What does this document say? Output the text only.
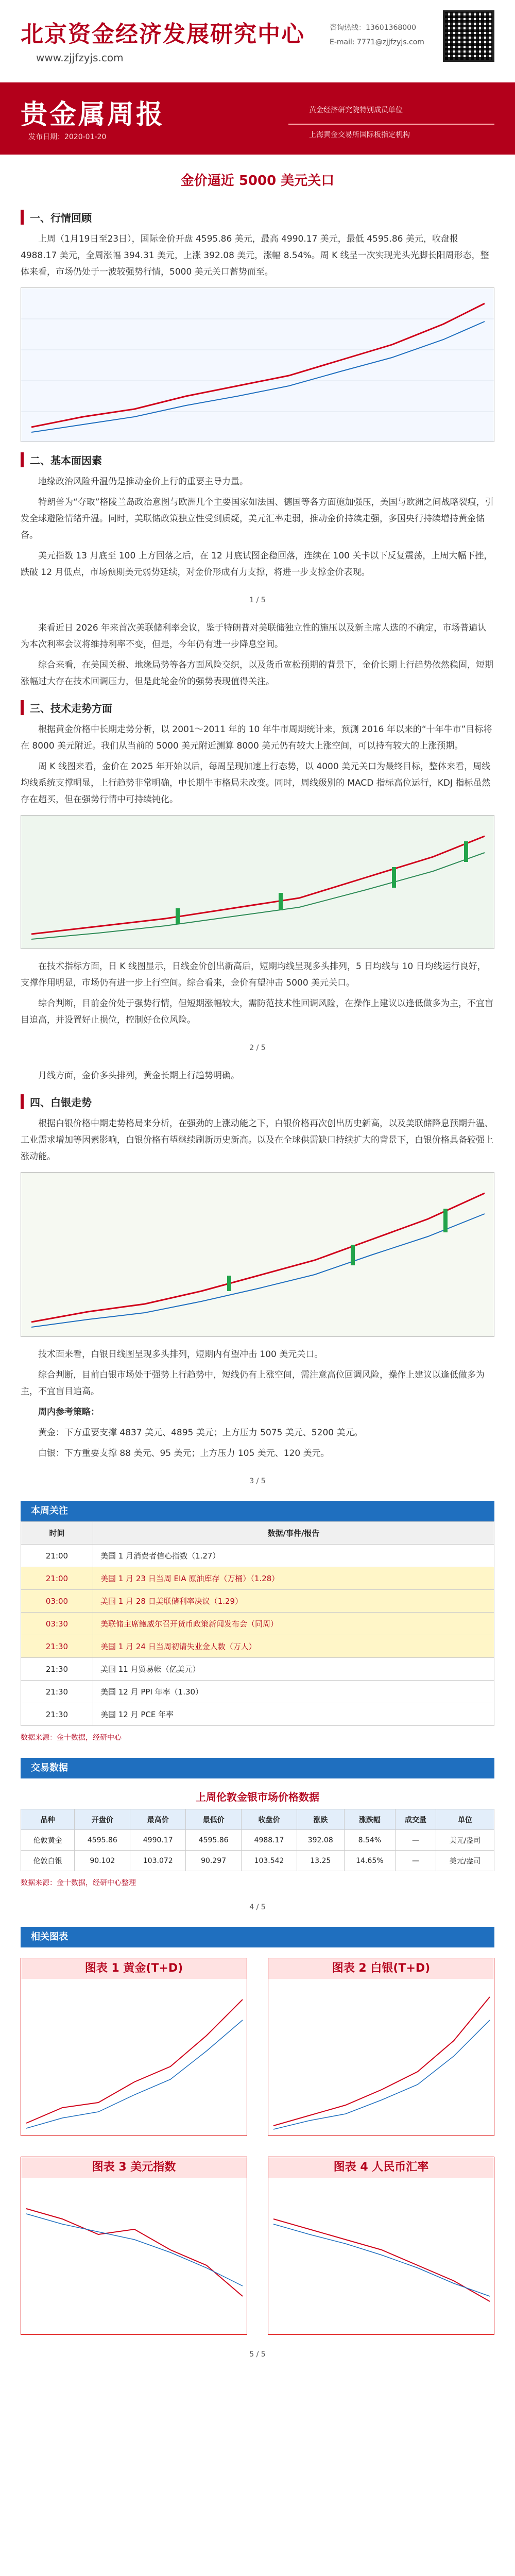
北京资金经济发展研究中心
www.zjjfzyjs.com
咨询热线：13601368000
E-mail: 7771@zjjfzyjs.com
贵金属周报
发布日期：2020-01-20
黄金经济研究院特别成员单位
上海黄金交易所国际板指定机构
金价逼近 5000 美元关口
一、行情回顾

上周（1月19日至23日），国际金价开盘 4595.86 美元，最高 4990.17 美元，最低 4595.86 美元，收盘报 4988.17 美元，全周涨幅 394.31 美元，上涨 392.08 美元，涨幅 8.54%。周 K 线呈一次实现光头光脚长阳周形态，整体来看，市场仍处于一波较强势行情，5000 美元关口蓄势而至。

二、基本面因素

地缘政治风险升温仍是推动金价上行的重要主导力量。

特朗普为“夺取”格陵兰岛政治意图与欧洲几个主要国家如法国、德国等各方面施加强压，美国与欧洲之间战略裂痕，引发全球避险情绪升温。同时，美联储政策独立性受到质疑，美元汇率走弱，推动金价持续走强，多国央行持续增持黄金储备。

美元指数 13 月底至 100 上方回落之后，在 12 月底试图企稳回落，连续在 100 关卡以下反复震荡，上周大幅下挫，跌破 12 月低点，市场预期美元弱势延续，对金价形成有力支撑，将进一步支撑金价表现。

1 / 5

来看近日 2026 年来首次美联储利率会议，鉴于特朗普对美联储独立性的施压以及新主席人选的不确定，市场普遍认为本次利率会议将维持利率不变，但是，今年仍有进一步降息空间。

综合来看，在美国关税、地缘局势等各方面风险交织，以及货币宽松预期的背景下，金价长期上行趋势依然稳固，短期涨幅过大存在技术回调压力，但是此轮金价的强势表现值得关注。

三、技术走势方面

根据黄金价格中长期走势分析，以 2001～2011 年的 10 年牛市周期统计来，预测 2016 年以来的“十年牛市”目标将在 8000 美元附近。我们从当前的 5000 美元附近测算 8000 美元仍有较大上涨空间，可以持有较大的上涨预期。

周 K 线图来看，金价在 2025 年开始以后，每周呈现加速上行态势，以 4000 美元关口为最终目标，整体来看，周线均线系统支撑明显，上行趋势非常明确，中长期牛市格局未改变。同时，周线级别的 MACD 指标高位运行，KDJ 指标虽然存在超买，但在强势行情中可持续钝化。

在技术指标方面，日 K 线图显示，日线金价创出新高后，短期均线呈现多头排列，5 日均线与 10 日均线运行良好，支撑作用明显，市场仍有进一步上行空间。综合看来，金价有望冲击 5000 美元关口。

综合判断，目前金价处于强势行情，但短期涨幅较大，需防范技术性回调风险，在操作上建议以逢低做多为主，不宜盲目追高，并设置好止损位，控制好仓位风险。

2 / 5

月线方面，金价多头排列，黄金长期上行趋势明确。

四、白银走势

根据白银价格中期走势格局来分析，在强劲的上涨动能之下，白银价格再次创出历史新高，以及美联储降息预期升温、工业需求增加等因素影响，白银价格有望继续刷新历史新高。以及在全球供需缺口持续扩大的背景下，白银价格具备较强上涨动能。

技术面来看，白银日线图呈现多头排列，短期内有望冲击 100 美元关口。

综合判断，目前白银市场处于强势上行趋势中，短线仍有上涨空间，需注意高位回调风险，操作上建议以逢低做多为主，不宜盲目追高。

周内参考策略：

黄金：下方重要支撑 4837 美元、4895 美元；上方压力 5075 美元、5200 美元。

白银：下方重要支撑 88 美元、95 美元；上方压力 105 美元、120 美元。

3 / 5
本周关注
时间	数据/事件/报告
21:00	美国 1 月消费者信心指数（1.27）
21:00	美国 1 月 23 日当周 EIA 原油库存（万桶）（1.28）
03:00	美国 1 月 28 日美联储利率决议（1.29）
03:30	美联储主席鲍威尔召开货币政策新闻发布会（同周）
21:30	美国 1 月 24 日当周初请失业金人数（万人）
21:30	美国 11 月贸易帐（亿美元）
21:30	美国 12 月 PPI 年率（1.30）
21:30	美国 12 月 PCE 年率
数据来源：金十数据，经研中心
交易数据
上周伦敦金银市场价格数据
品种	开盘价	最高价	最低价	收盘价	涨跌	涨跌幅	成交量	单位
伦敦黄金	4595.86	4990.17	4595.86	4988.17	392.08	8.54%	—	美元/盎司
伦敦白银	90.102	103.072	90.297	103.542	13.25	14.65%	—	美元/盎司
数据来源：金十数据，经研中心整理
4 / 5
相关图表
图表 1 黄金(T+D)	图表 2 白银(T+D)
图表 3 美元指数	图表 4 人民币汇率
5 / 5
